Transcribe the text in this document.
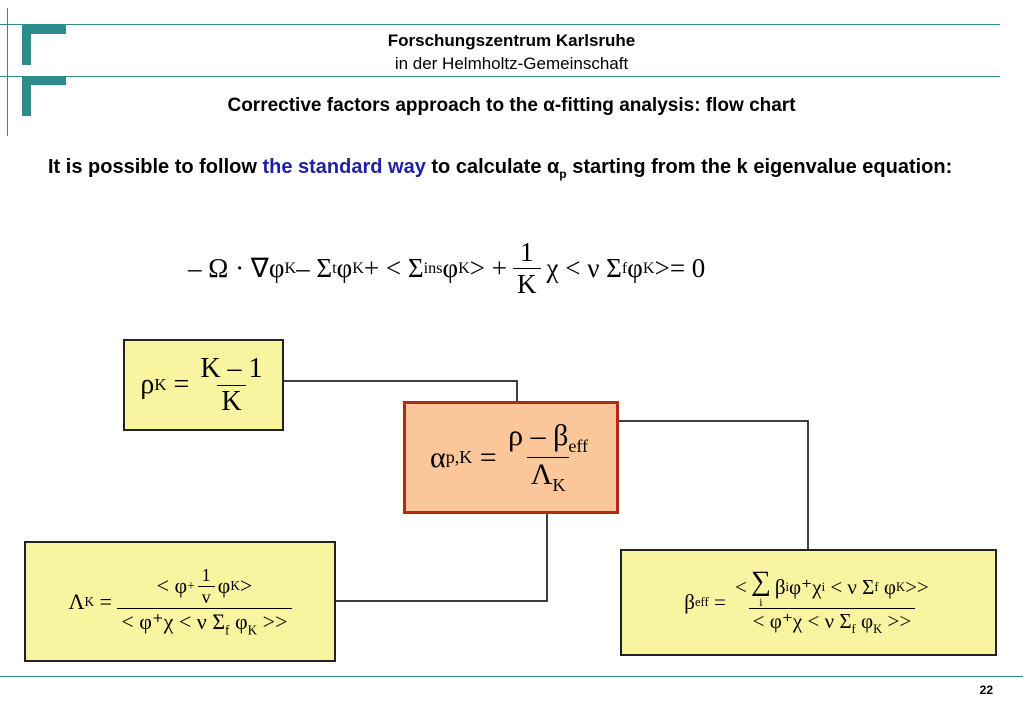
Forschungszentrum Karlsruhe
in der Helmholtz-Gemeinschaft
Corrective factors approach to the α-fitting analysis: flow chart
It is possible to follow the standard way to calculate $\alpha_p$ starting from the k eigenvalue equation:
– Ω · ∇φ K – Σ t φ K + < Σ ins φ K > + $\frac{1}{K}$ χ < ν Σ f φ K >= 0
ρ $K = \frac{K - 1}{K}$
α $p,K = \frac{\rho - \beta_{eff}}{\Lambda_K}$
Λ $K = \frac{< \varphi + \frac{1}{v} \varphi K >}{< \varphi^+\chi < \nu \Sigma_f \varphi_K >>}$	β eff =
< ∑
i
β i φ⁺χ i < ν Σ f φ K >>
< φ⁺χ < ν $\Sigma_f$ $\varphi_K$ >>
22
